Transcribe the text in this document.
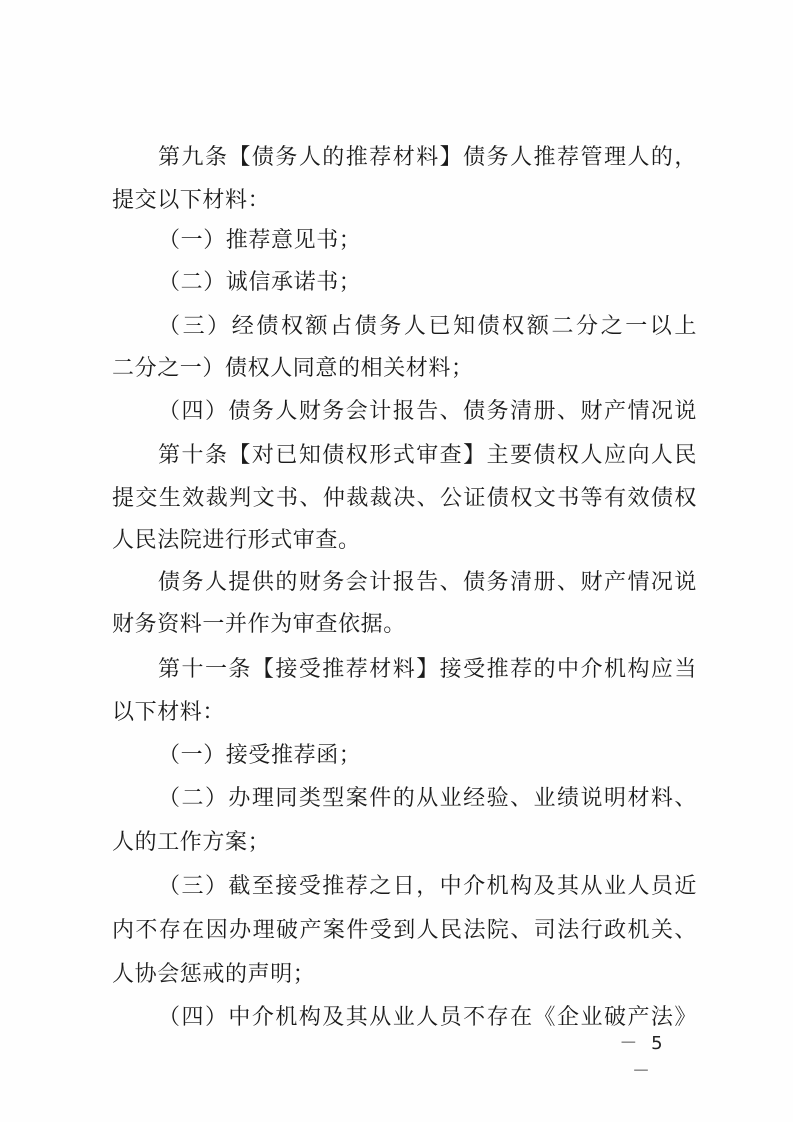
第九条【债务人的推荐材料】债务人推荐管理人的，
提交以下材料：
（一）推荐意见书；
（二）诚信承诺书；
（三）经债权额占债务人已知债权额二分之一以上
二分之一）债权人同意的相关材料；
（四）债务人财务会计报告、债务清册、财产情况说
第十条【对已知债权形式审查】主要债权人应向人民
提交生效裁判文书、仲裁裁决、公证债权文书等有效债权
人民法院进行形式审查。
债务人提供的财务会计报告、债务清册、财产情况说
财务资料一并作为审查依据。
第十一条【接受推荐材料】接受推荐的中介机构应当
以下材料：
（一）接受推荐函；
（二）办理同类型案件的从业经验、业绩说明材料、
人的工作方案；
（三）截至接受推荐之日，中介机构及其从业人员近
内不存在因办理破产案件受到人民法院、司法行政机关、
人协会惩戒的声明；
（四）中介机构及其从业人员不存在《企业破产法》
－ 5 －
